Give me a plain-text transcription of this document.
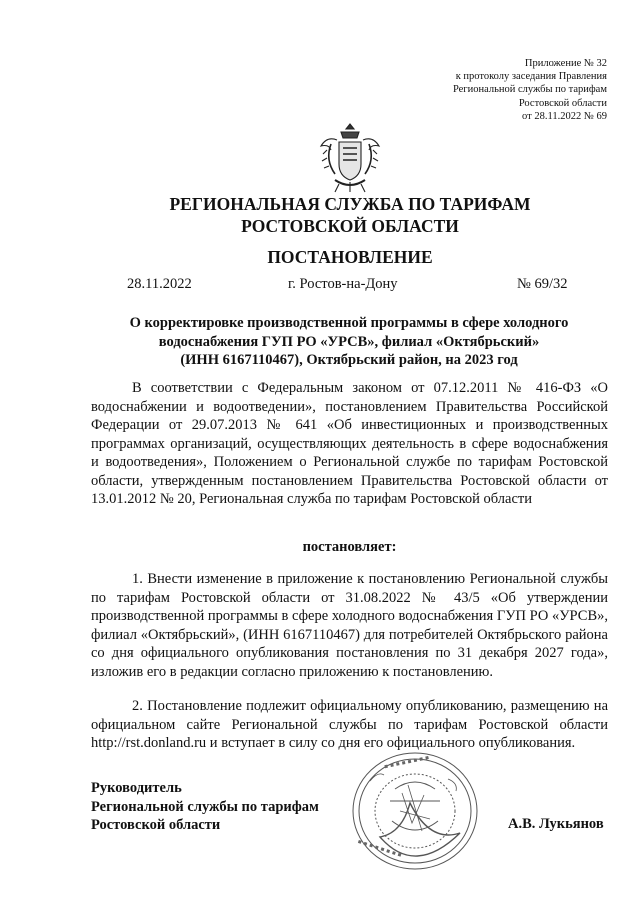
Приложение № 32
к протоколу заседания Правления
Региональной службы по тарифам
Ростовской области
от 28.11.2022 № 69
РЕГИОНАЛЬНАЯ СЛУЖБА ПО ТАРИФАМ
РОСТОВСКОЙ ОБЛАСТИ
ПОСТАНОВЛЕНИЕ
28.11.2022	г. Ростов-на-Дону	№ 69/32
О корректировке производственной программы в сфере холодного
водоснабжения ГУП РО «УРСВ», филиал «Октябрьский»
(ИНН 6167110467), Октябрьский район, на 2023 год

В соответствии с Федеральным законом от 07.12.2011 № 416-ФЗ «О водоснабжении и водоотведении», постановлением Правительства Российской Федерации от 29.07.2013 № 641 «Об инвестиционных и производственных программах организаций, осуществляющих деятельность в сфере водоснабжения и водоотведения», Положением о Региональной службе по тарифам Ростовской области, утвержденным постановлением Правительства Ростовской области от 13.01.2012 № 20, Региональная служба по тарифам Ростовской области

постановляет:

1. Внести изменение в приложение к постановлению Региональной службы по тарифам Ростовской области от 31.08.2022 № 43/5 «Об утверждении производственной программы в сфере холодного водоснабжения ГУП РО «УРСВ», филиал «Октябрьский», (ИНН 6167110467) для потребителей Октябрьского района со дня официального опубликования постановления по 31 декабря 2027 года», изложив его в редакции согласно приложению к постановлению.

2. Постановление подлежит официальному опубликованию, размещению на официальном сайте Региональной службы по тарифам Ростовской области http://rst.donland.ru и вступает в силу со дня его официального опубликования.

Руководитель
Региональной службы по тарифам
Ростовской области
▪ ▪ ▪ ▪ ▪ ▪ ▪ ▪
▪ ▪ ▪ ▪ ▪ ▪ ▪ ▪
А.В. Лукьянов
